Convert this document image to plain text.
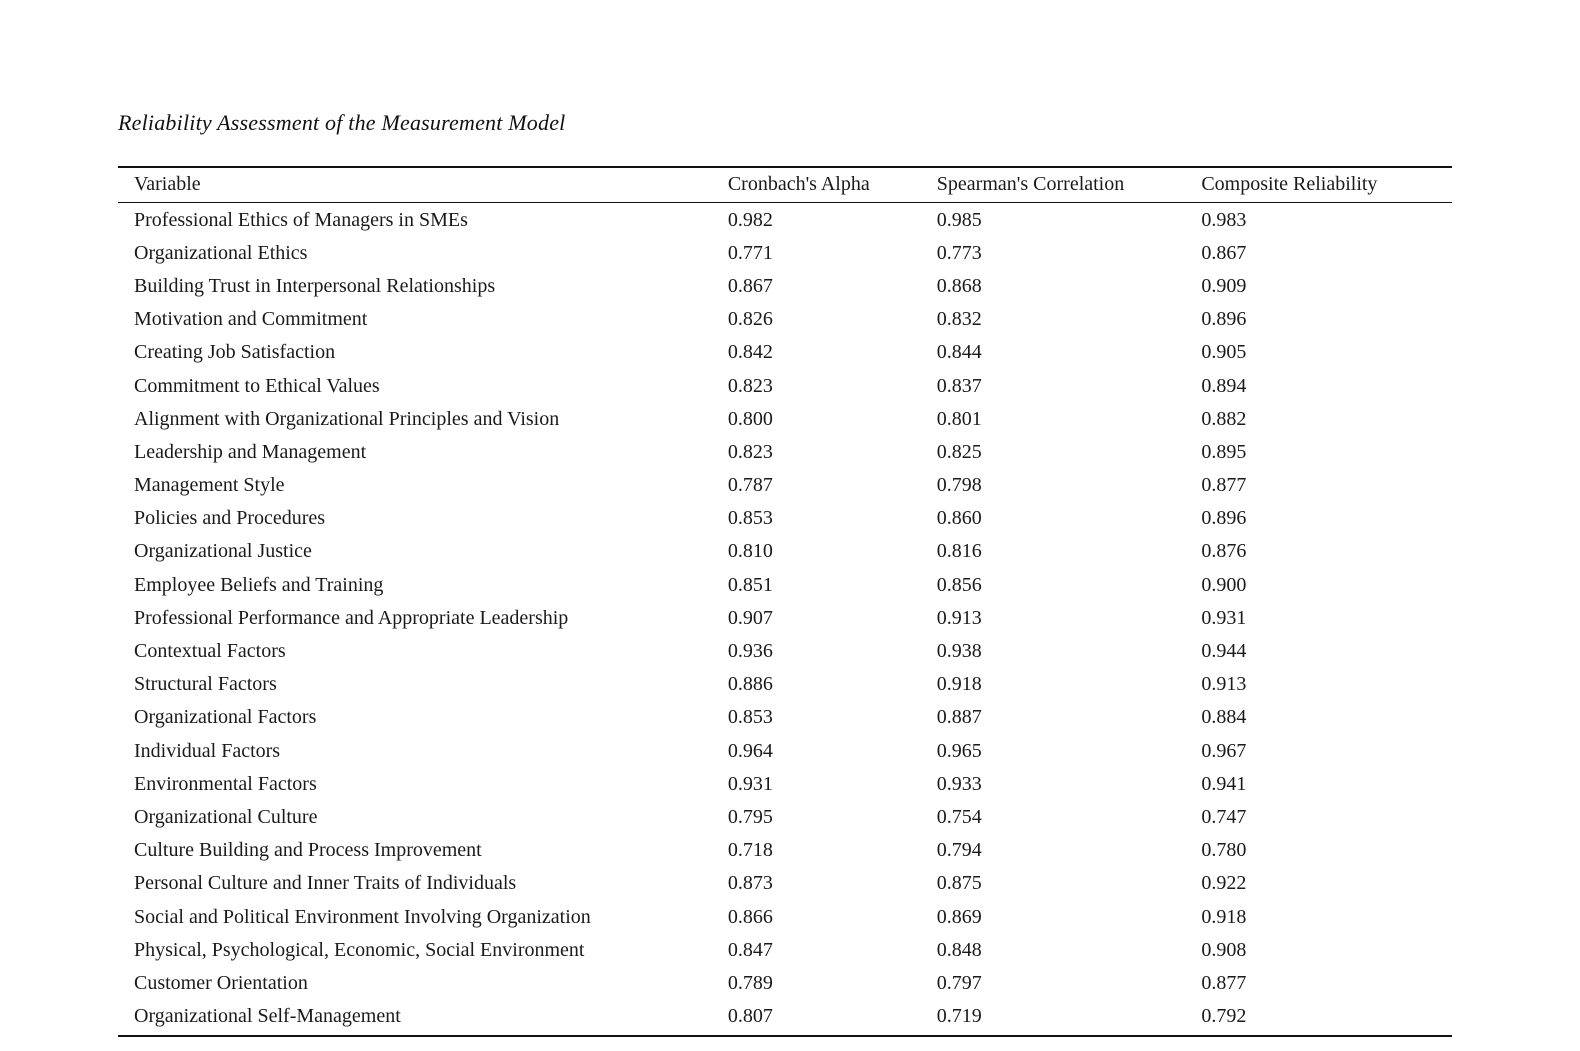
Reliability Assessment of the Measurement Model
Variable	Cronbach's Alpha	Spearman's Correlation	Composite Reliability
Professional Ethics of Managers in SMEs	0.982	0.985	0.983
Organizational Ethics	0.771	0.773	0.867
Building Trust in Interpersonal Relationships	0.867	0.868	0.909
Motivation and Commitment	0.826	0.832	0.896
Creating Job Satisfaction	0.842	0.844	0.905
Commitment to Ethical Values	0.823	0.837	0.894
Alignment with Organizational Principles and Vision	0.800	0.801	0.882
Leadership and Management	0.823	0.825	0.895
Management Style	0.787	0.798	0.877
Policies and Procedures	0.853	0.860	0.896
Organizational Justice	0.810	0.816	0.876
Employee Beliefs and Training	0.851	0.856	0.900
Professional Performance and Appropriate Leadership	0.907	0.913	0.931
Contextual Factors	0.936	0.938	0.944
Structural Factors	0.886	0.918	0.913
Organizational Factors	0.853	0.887	0.884
Individual Factors	0.964	0.965	0.967
Environmental Factors	0.931	0.933	0.941
Organizational Culture	0.795	0.754	0.747
Culture Building and Process Improvement	0.718	0.794	0.780
Personal Culture and Inner Traits of Individuals	0.873	0.875	0.922
Social and Political Environment Involving Organization	0.866	0.869	0.918
Physical, Psychological, Economic, Social Environment	0.847	0.848	0.908
Customer Orientation	0.789	0.797	0.877
Organizational Self-Management	0.807	0.719	0.792
